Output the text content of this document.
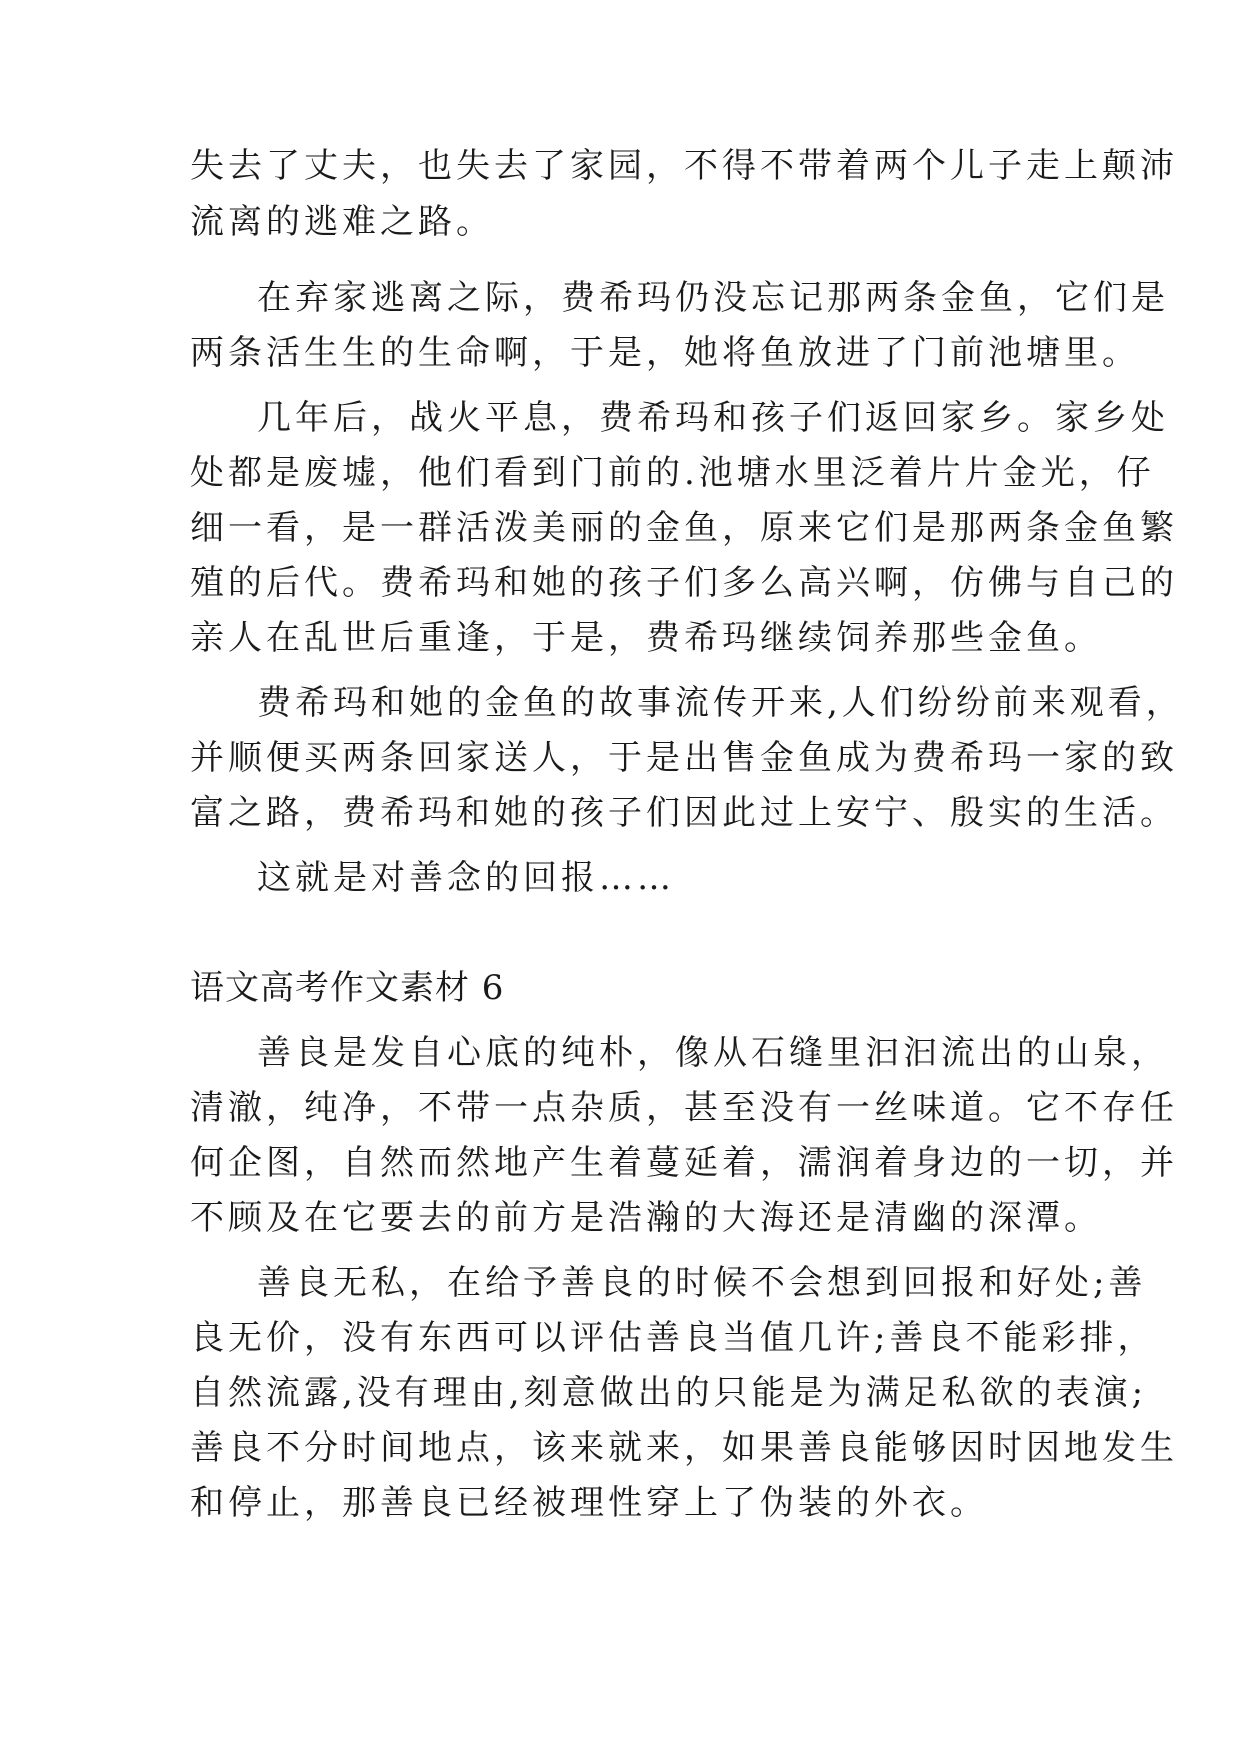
失去了丈夫，也失去了家园，不得不带着两个儿子走上颠沛
流离的逃难之路。
在弃家逃离之际，费希玛仍没忘记那两条金鱼，它们是
两条活生生的生命啊，于是，她将鱼放进了门前池塘里。
几年后，战火平息，费希玛和孩子们返回家乡。家乡处
处都是废墟，他们看到门前的.池塘水里泛着片片金光，仔
细一看，是一群活泼美丽的金鱼，原来它们是那两条金鱼繁
殖的后代。费希玛和她的孩子们多么高兴啊，仿佛与自己的
亲人在乱世后重逢，于是，费希玛继续饲养那些金鱼。
费希玛和她的金鱼的故事流传开来,人们纷纷前来观看，
并顺便买两条回家送人，于是出售金鱼成为费希玛一家的致
富之路，费希玛和她的孩子们因此过上安宁、殷实的生活。
这就是对善念的回报……
语文高考作文素材 6
善良是发自心底的纯朴，像从石缝里汩汩流出的山泉，
清澈，纯净，不带一点杂质，甚至没有一丝味道。它不存任
何企图，自然而然地产生着蔓延着，濡润着身边的一切，并
不顾及在它要去的前方是浩瀚的大海还是清幽的深潭。
善良无私，在给予善良的时候不会想到回报和好处;善
良无价，没有东西可以评估善良当值几许;善良不能彩排，
自然流露,没有理由,刻意做出的只能是为满足私欲的表演;
善良不分时间地点，该来就来，如果善良能够因时因地发生
和停止，那善良已经被理性穿上了伪装的外衣。
